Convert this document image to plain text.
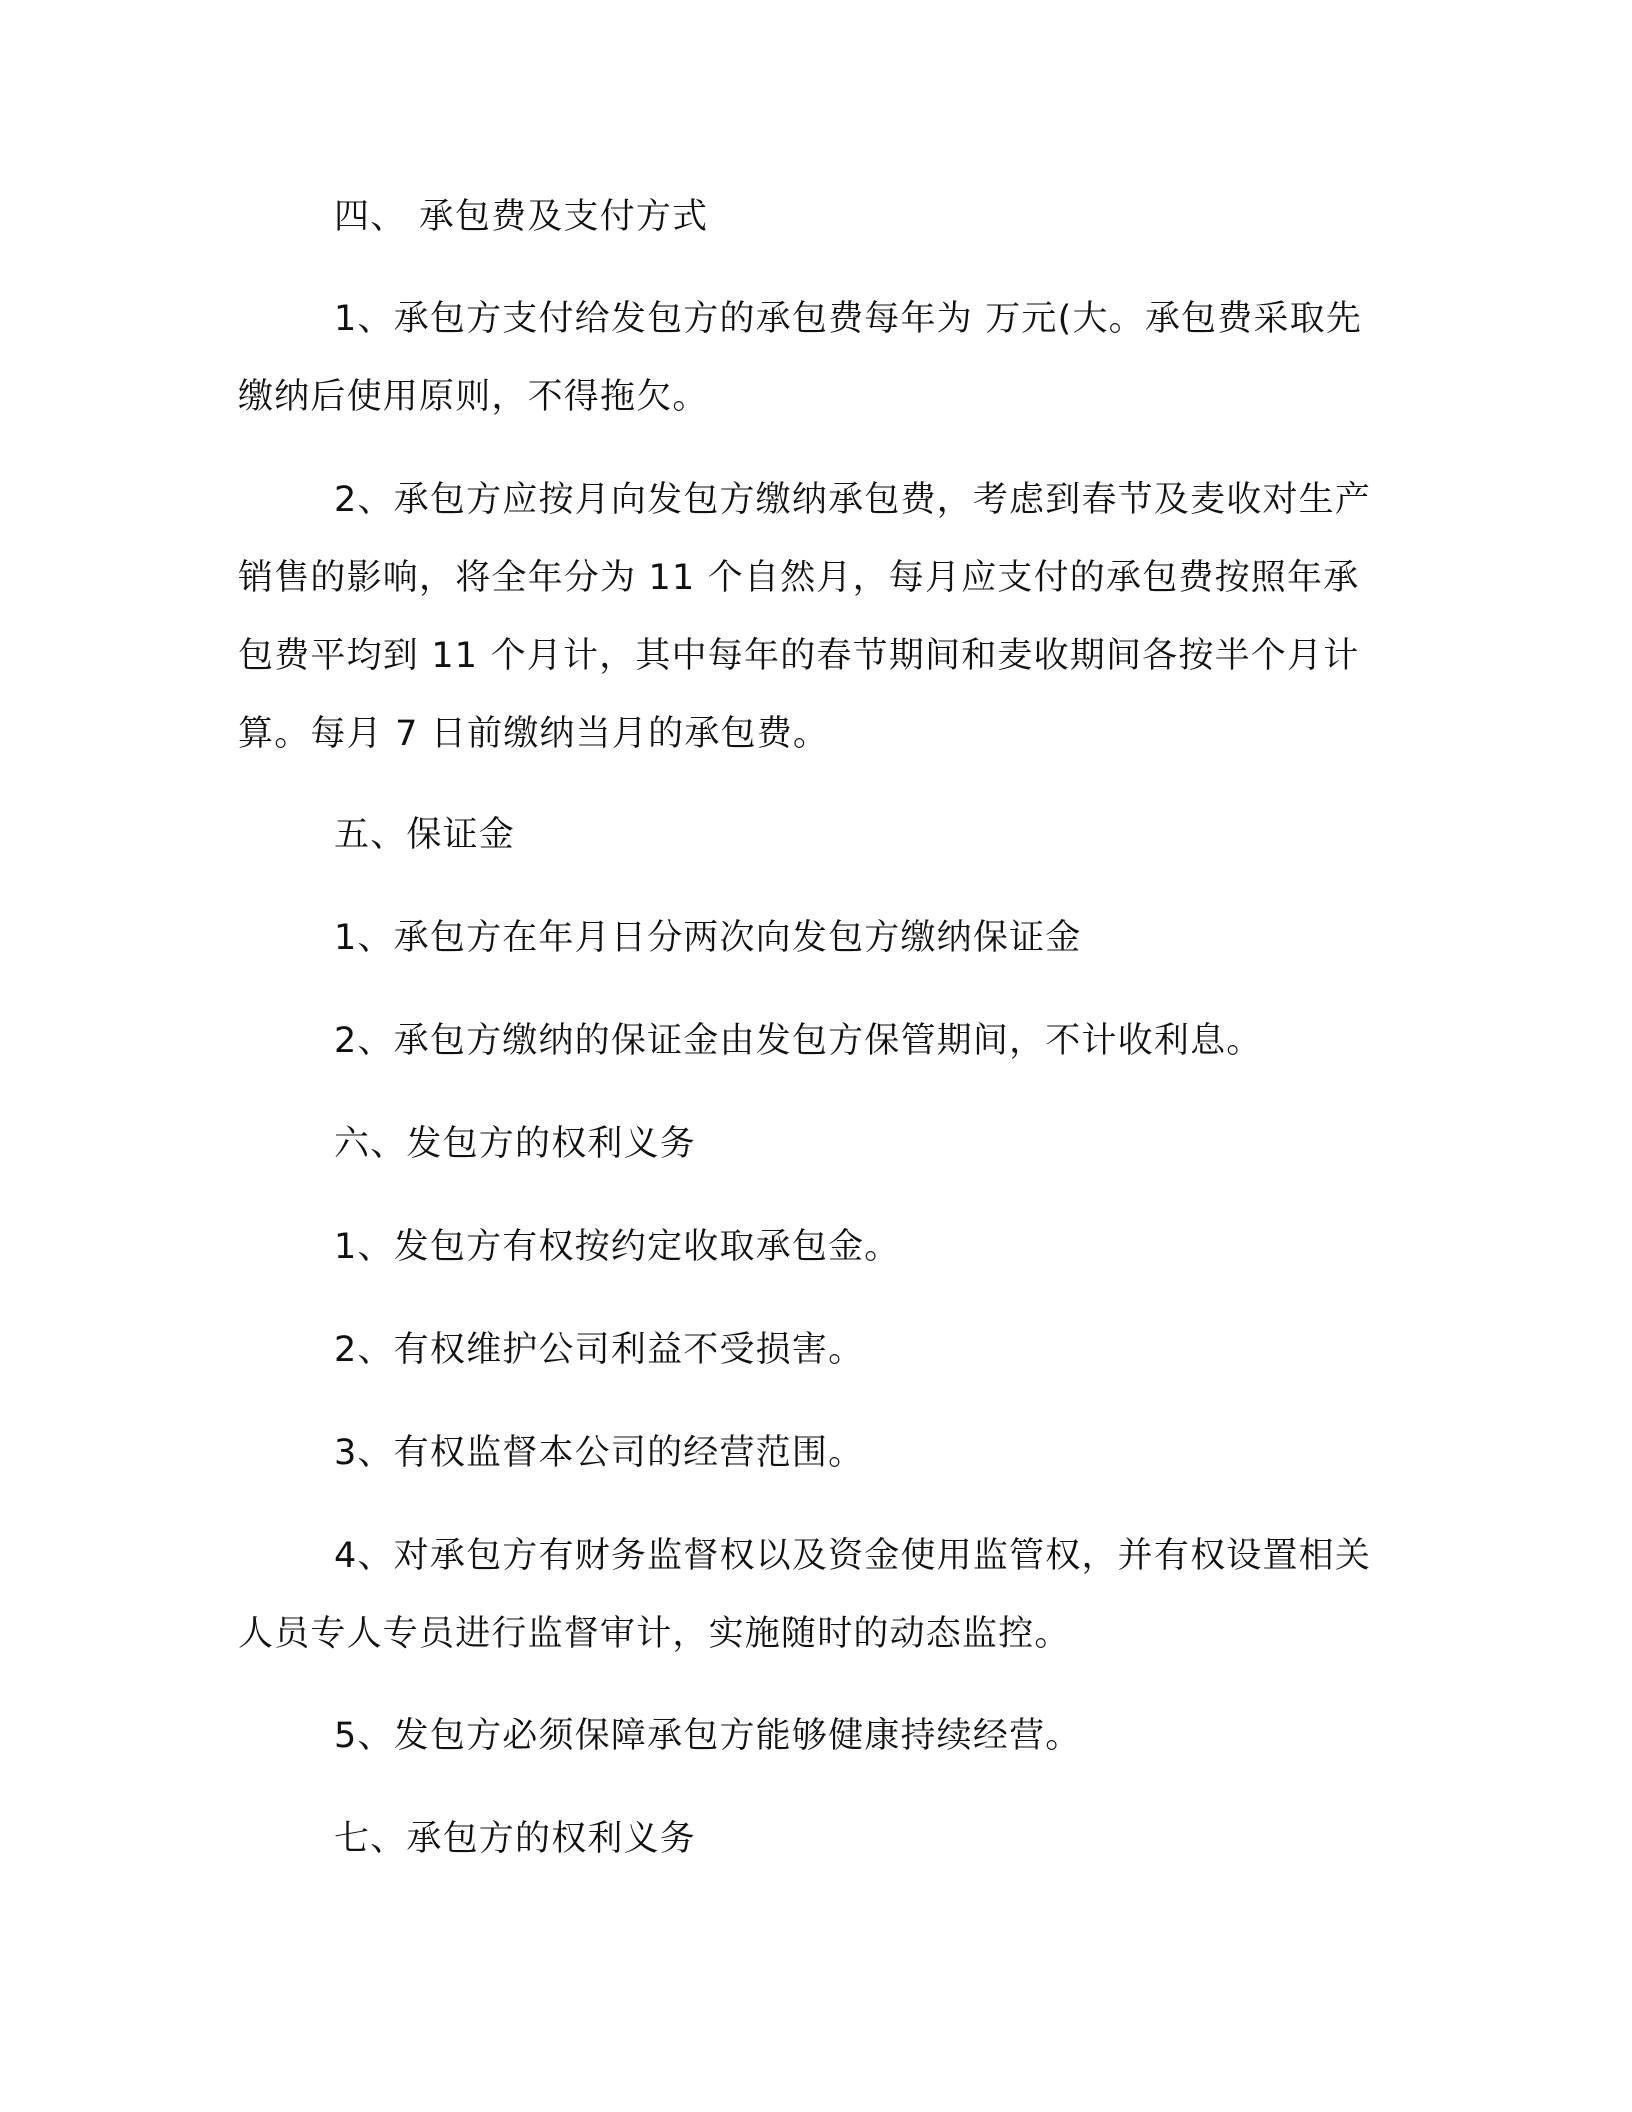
四、 承包费及支付方式

1、承包方支付给发包方的承包费每年为 万元(大。承包费采取先缴纳后使用原则，不得拖欠。

2、承包方应按月向发包方缴纳承包费，考虑到春节及麦收对生产销售的影响，将全年分为 11 个自然月，每月应支付的承包费按照年承包费平均到 11 个月计，其中每年的春节期间和麦收期间各按半个月计算。每月 7 日前缴纳当月的承包费。

五、保证金

1、承包方在年月日分两次向发包方缴纳保证金

2、承包方缴纳的保证金由发包方保管期间，不计收利息。

六、发包方的权利义务

1、发包方有权按约定收取承包金。

2、有权维护公司利益不受损害。

3、有权监督本公司的经营范围。

4、对承包方有财务监督权以及资金使用监管权，并有权设置相关人员专人专员进行监督审计，实施随时的动态监控。

5、发包方必须保障承包方能够健康持续经营。

七、承包方的权利义务
